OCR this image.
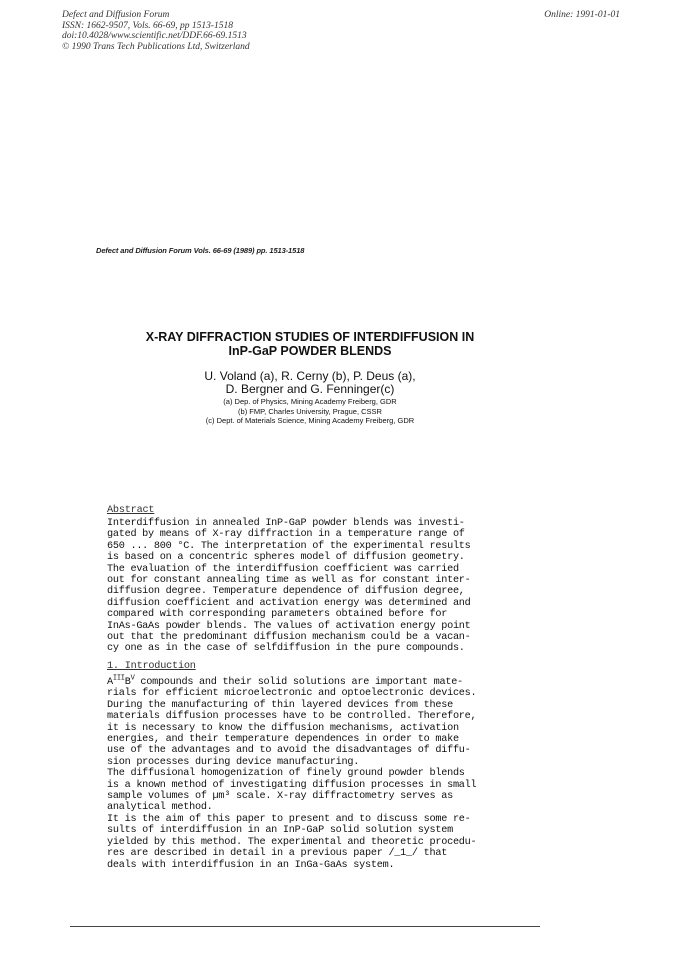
Defect and Diffusion Forum
ISSN: 1662-9507, Vols. 66-69, pp 1513-1518
doi:10.4028/www.scientific.net/DDF.66-69.1513
© 1990 Trans Tech Publications Ltd, Switzerland
Online: 1991-01-01
Defect and Diffusion Forum Vols. 66-69 (1989) pp. 1513-1518
X-RAY DIFFRACTION STUDIES OF INTERDIFFUSION IN
InP-GaP POWDER BLENDS
U. Voland (a), R. Cerny (b), P. Deus (a),
D. Bergner and G. Fenninger(c)
(a) Dep. of Physics, Mining Academy Freiberg, GDR
(b) FMP, Charles University, Prague, CSSR
(c) Dept. of Materials Science, Mining Academy Freiberg, GDR
Abstract
Interdiffusion in annealed InP-GaP powder blends was investi-
gated by means of X-ray diffraction in a temperature range of
650 ... 800 °C. The interpretation of the experimental results
is based on a concentric spheres model of diffusion geometry.
The evaluation of the interdiffusion coefficient was carried
out for constant annealing time as well as for constant inter-
diffusion degree. Temperature dependence of diffusion degree,
diffusion coefficient and activation energy was determined and
compared with corresponding parameters obtained before for
InAs-GaAs powder blends. The values of activation energy point
out that the predominant diffusion mechanism could be a vacan-
cy one as in the case of selfdiffusion in the pure compounds.
1. Introduction
$A^{III}B^V$ compounds and their solid solutions are important mate-
rials for efficient microelectronic and optoelectronic devices.
During the manufacturing of thin layered devices from these
materials diffusion processes have to be controlled. Therefore,
it is necessary to know the diffusion mechanisms, activation
energies, and their temperature dependences in order to make
use of the advantages and to avoid the disadvantages of diffu-
sion processes during device manufacturing.
The diffusional homogenization of finely ground powder blends
is a known method of investigating diffusion processes in small
sample volumes of µm³ scale. X-ray diffractometry serves as
analytical method.
It is the aim of this paper to present and to discuss some re-
sults of interdiffusion in an InP-GaP solid solution system
yielded by this method. The experimental and theoretic procedu-
res are described in detail in a previous paper /_1_/ that
deals with interdiffusion in an InGa-GaAs system.
